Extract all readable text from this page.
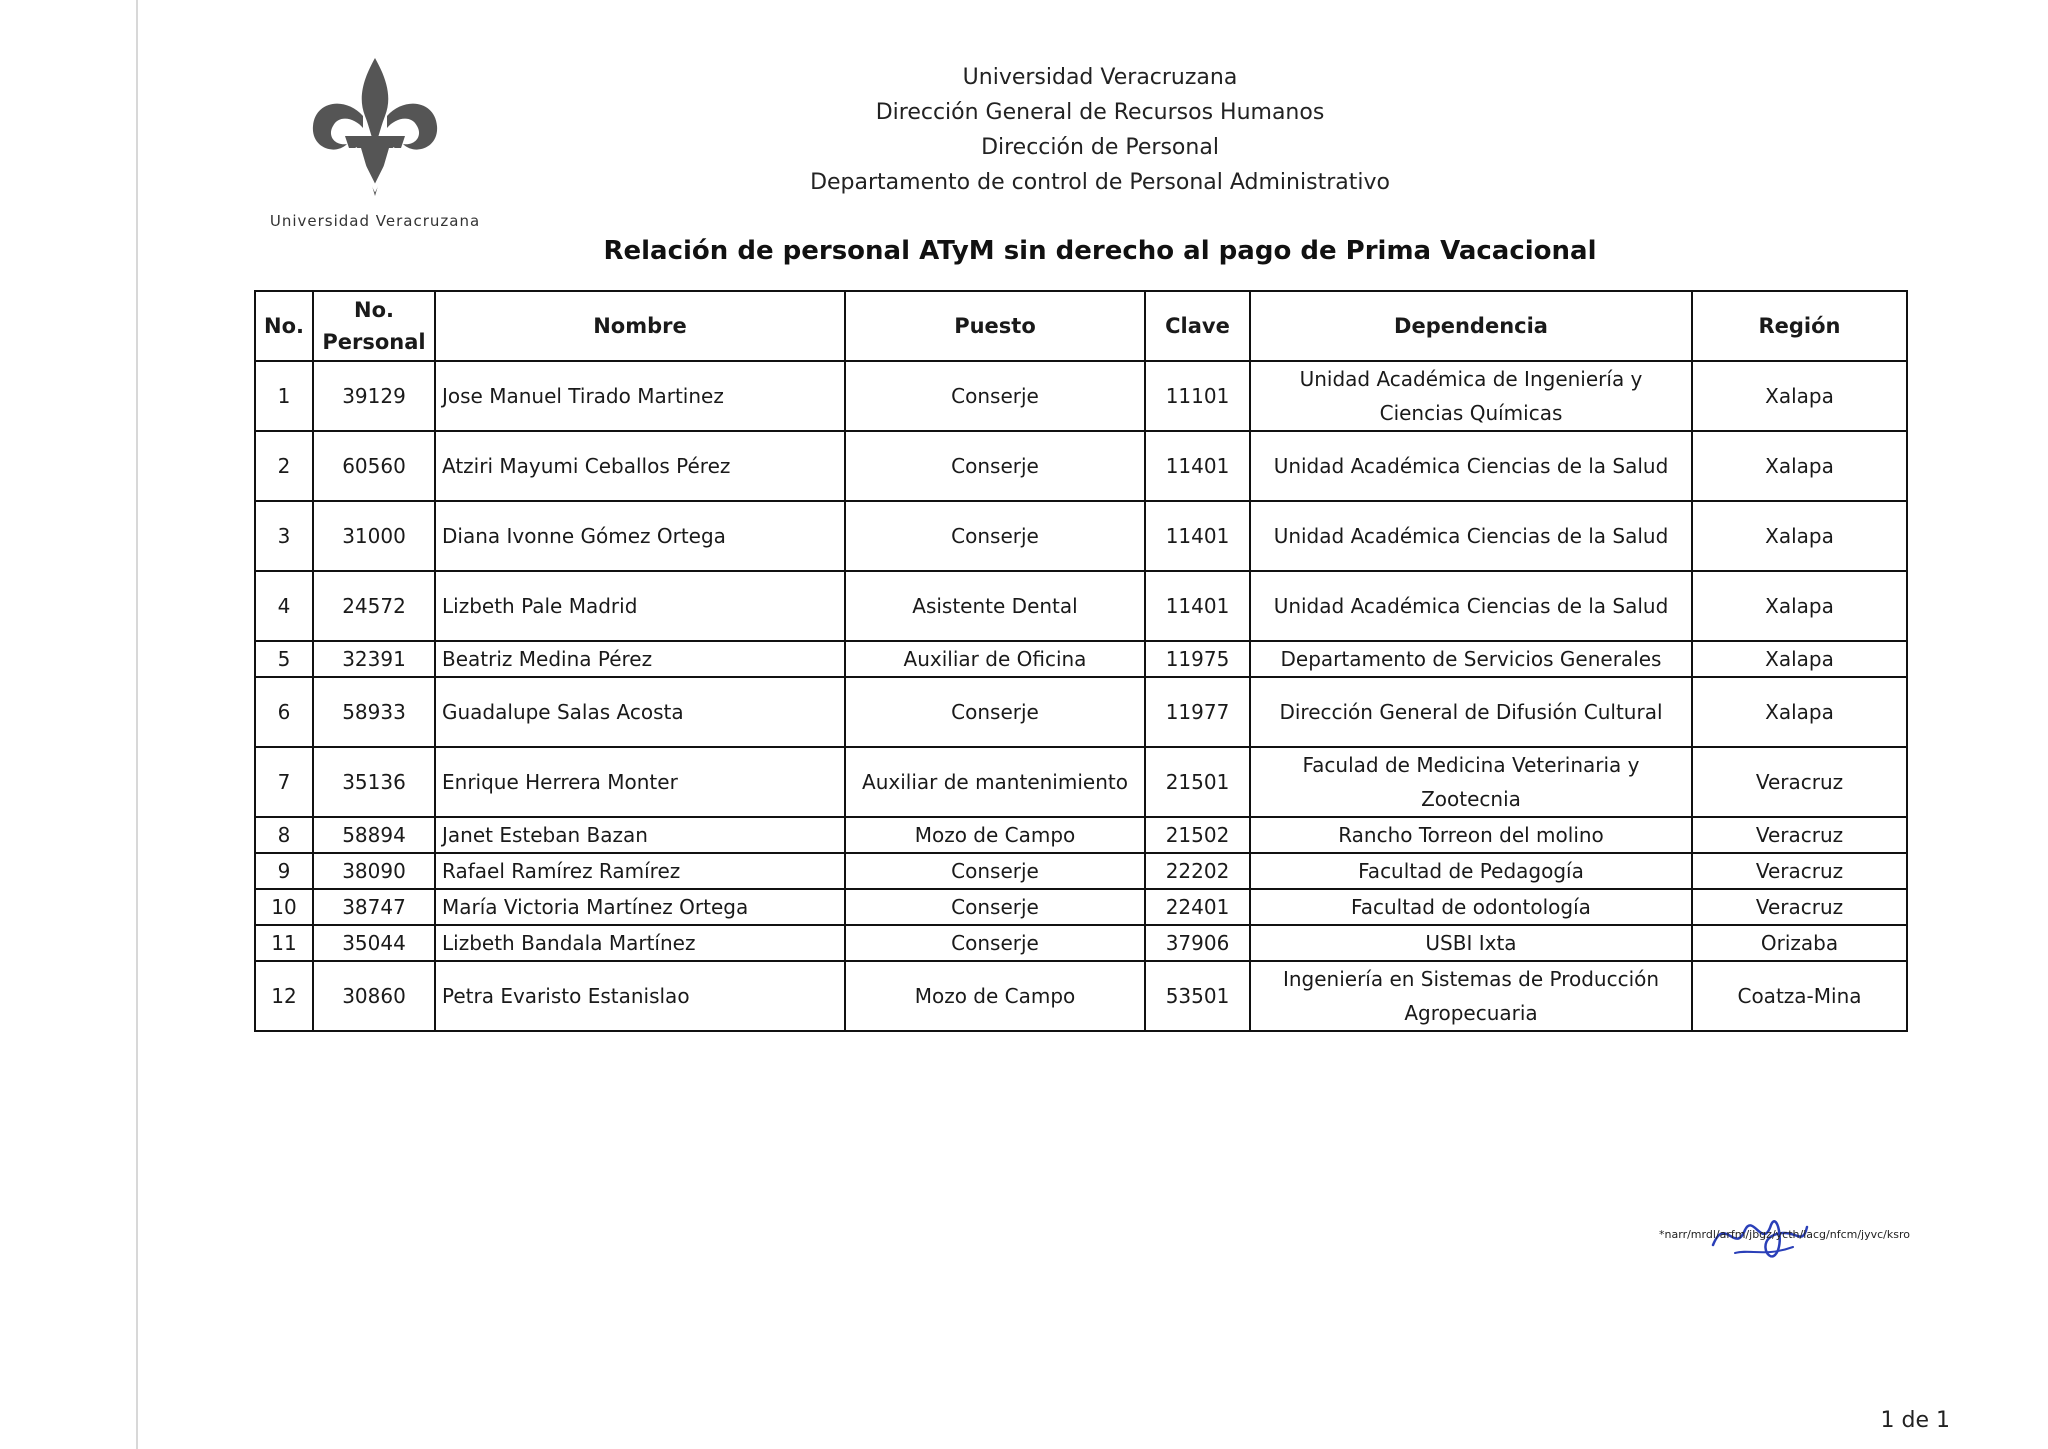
Universidad Veracruzana
Universidad Veracruzana
Dirección General de Recursos Humanos
Dirección de Personal
Departamento de control de Personal Administrativo
Relación de personal ATyM sin derecho al pago de Prima Vacacional
No.	No. Personal	Nombre	Puesto	Clave	Dependencia	Región
1	39129	Jose Manuel Tirado Martinez	Conserje	11101	Unidad Académica de Ingeniería y Ciencias Químicas	Xalapa
2	60560	Atziri Mayumi Ceballos Pérez	Conserje	11401	Unidad Académica Ciencias de la Salud	Xalapa
3	31000	Diana Ivonne Gómez Ortega	Conserje	11401	Unidad Académica Ciencias de la Salud	Xalapa
4	24572	Lizbeth Pale Madrid	Asistente Dental	11401	Unidad Académica Ciencias de la Salud	Xalapa
5	32391	Beatriz Medina Pérez	Auxiliar de Oficina	11975	Departamento de Servicios Generales	Xalapa
6	58933	Guadalupe Salas Acosta	Conserje	11977	Dirección General de Difusión Cultural	Xalapa
7	35136	Enrique Herrera Monter	Auxiliar de mantenimiento	21501	Faculad de Medicina Veterinaria y Zootecnia	Veracruz
8	58894	Janet Esteban Bazan	Mozo de Campo	21502	Rancho Torreon del molino	Veracruz
9	38090	Rafael Ramírez Ramírez	Conserje	22202	Facultad de Pedagogía	Veracruz
10	38747	María Victoria Martínez Ortega	Conserje	22401	Facultad de odontología	Veracruz
11	35044	Lizbeth Bandala Martínez	Conserje	37906	USBI Ixta	Orizaba
12	30860	Petra Evaristo Estanislao	Mozo de Campo	53501	Ingeniería en Sistemas de Producción Agropecuaria	Coatza-Mina
*narr/mrdl/arfm/jbgz/ycth/lacg/nfcm/jyvc/ksro
1 de 1
